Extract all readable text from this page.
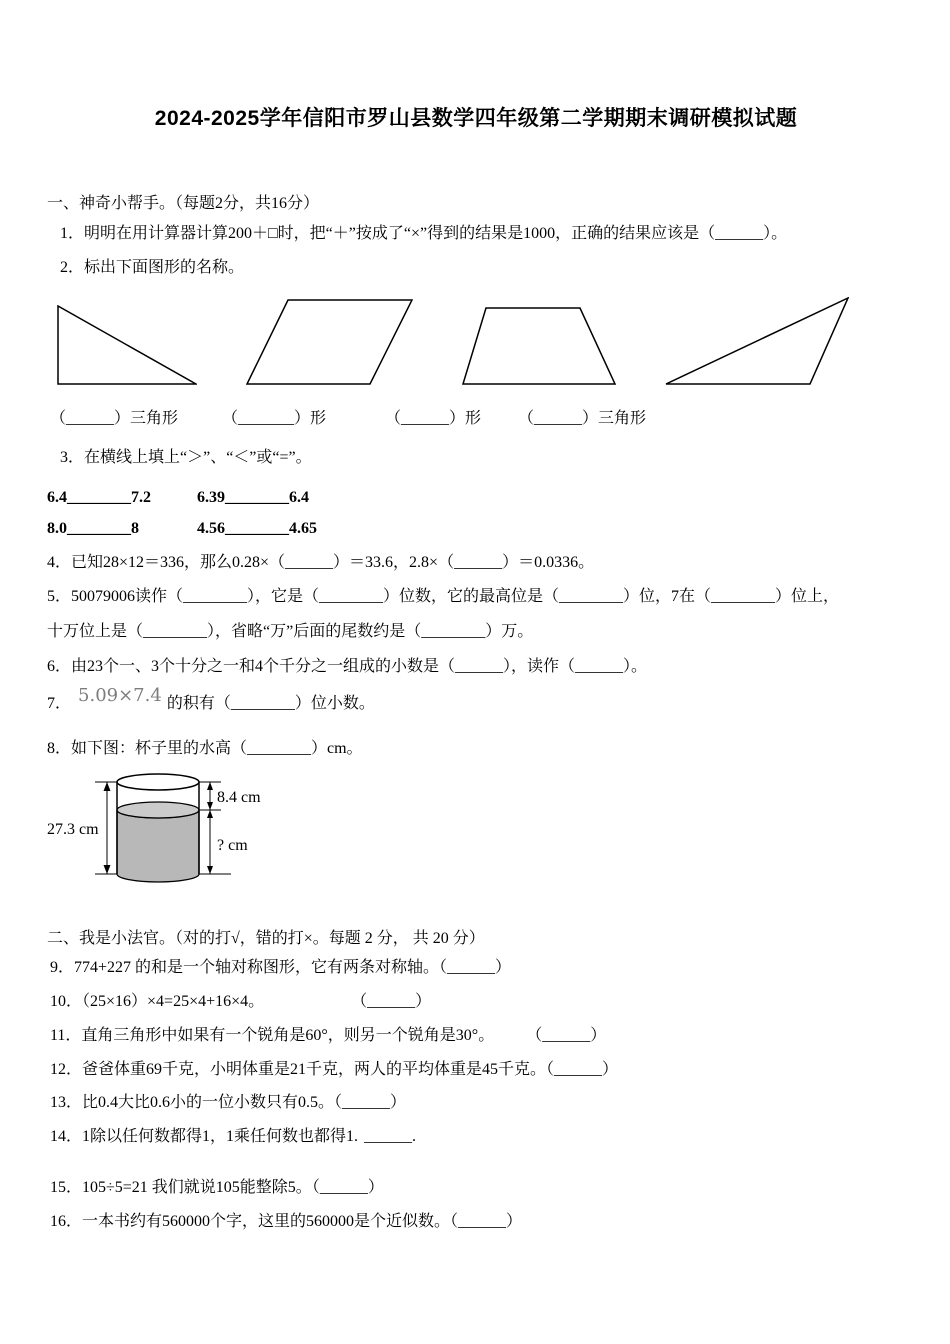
2024-2025学年信阳市罗山县数学四年级第二学期期末调研模拟试题

一、神奇小帮手。（每题2分，共16分）

1．明明在用计算器计算200＋□时，把“＋”按成了“×”得到的结果是1000，正确的结果应该是（______）。

2．标出下面图形的名称。

（______）三角形	（_______）形	（______）形 （______）三角形

3．在横线上填上“＞”、“＜”或“=”。

6.4________7.2	6.39________6.4

8.0________8	4.56________4.65

4．已知28×12＝336，那么0.28×（______）＝33.6，2.8×（______）＝0.0336。

5．50079006读作（________），它是（________）位数，它的最高位是（________）位，7在（________）位上，

十万位上是（________），省略“万”后面的尾数约是（________）万。

6．由23个一、3个十分之一和4个千分之一组成的小数是（______），读作（______）。

7． 5.09×7.4 的积有（________）位小数。

8．如下图：杯子里的水高（________）cm。

27.3 cm
8.4 cm
? cm

二、我是小法官。（对的打√，错的打×。每题 2 分， 共 20 分）

9．774+227 的和是一个轴对称图形，它有两条对称轴。（______）

10．（25×16）×4=25×4+16×4。	（______）

11．直角三角形中如果有一个锐角是60°，则另一个锐角是30°。	（______）

12．爸爸体重69千克，小明体重是21千克，两人的平均体重是45千克。（______）

13．比0.4大比0.6小的一位小数只有0.5。（______）

14．1除以任何数都得1，1乘任何数也都得1. ______.

15．105÷5=21 我们就说105能整除5。（______）

16．一本书约有560000个字，这里的560000是个近似数。（______）
